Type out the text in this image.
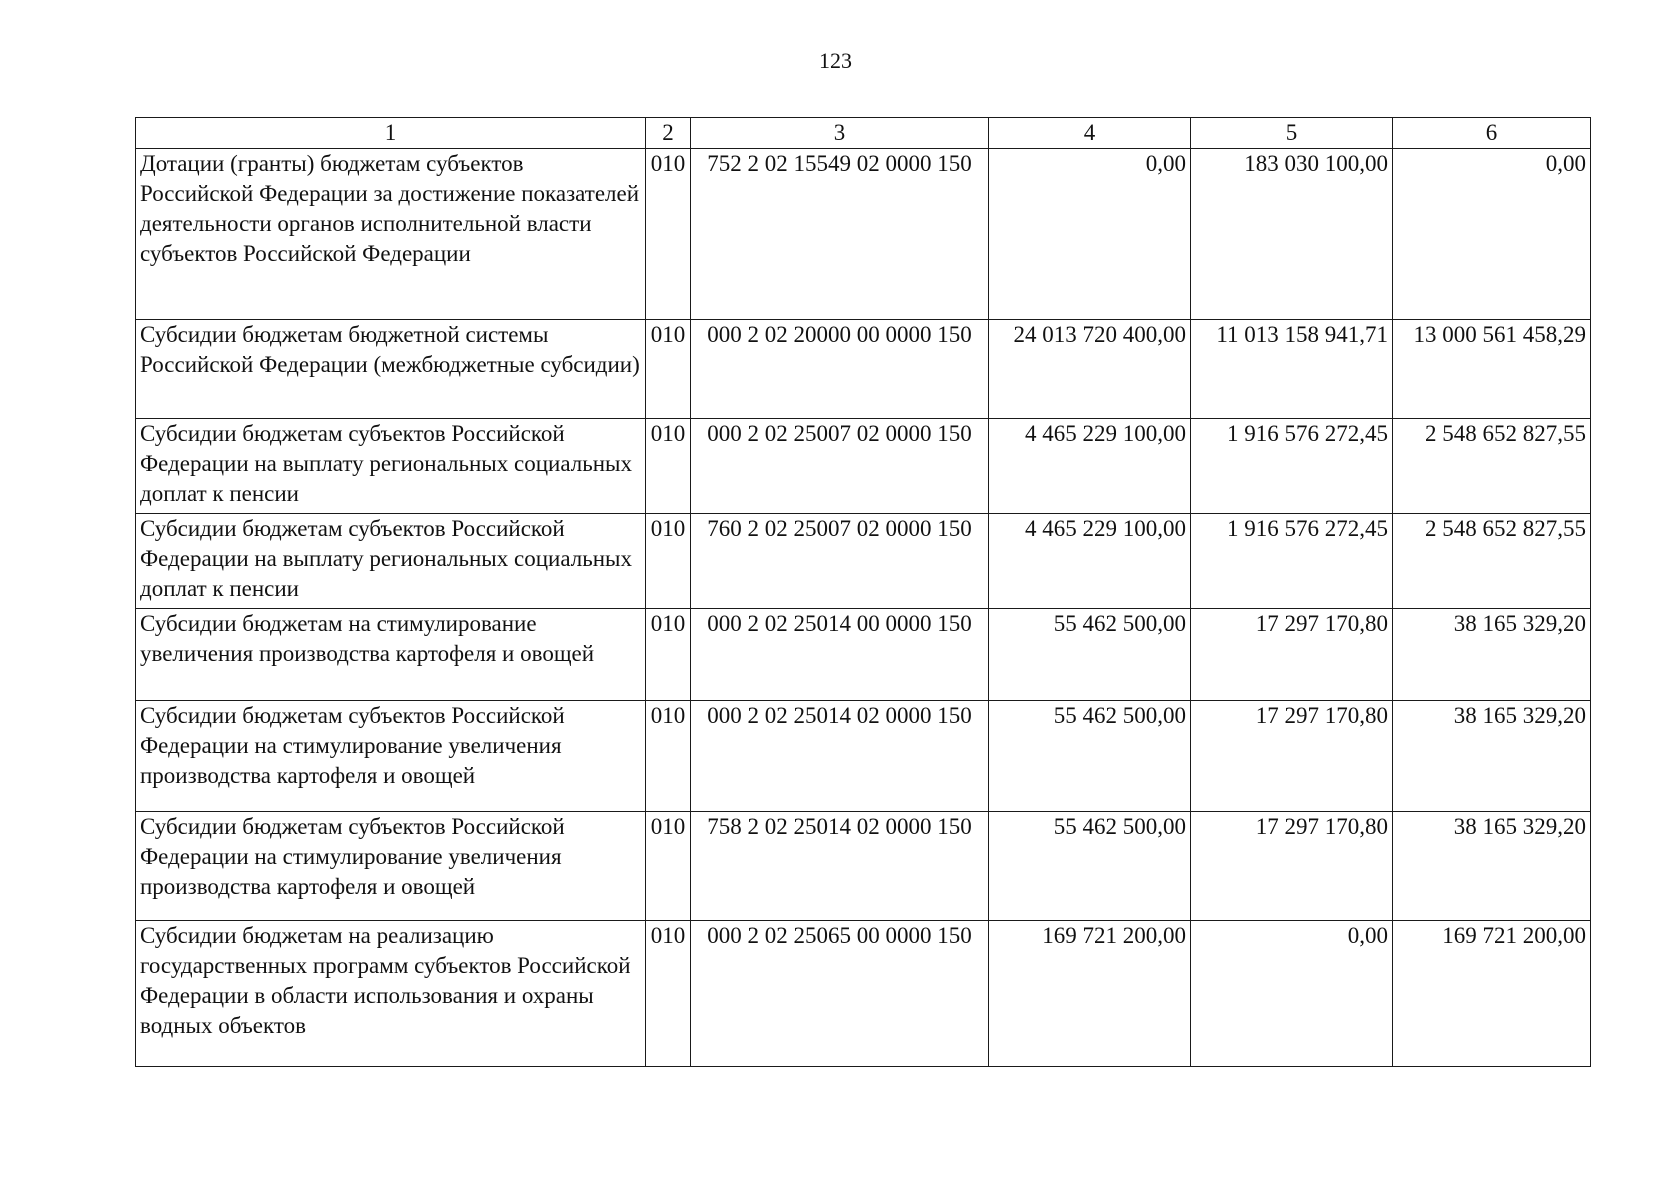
123
1	2	3	4	5	6
Дотации (гранты) бюджетам субъектов Российской Федерации за достижение показателей деятельности органов исполнительной власти субъектов Российской Федерации	010	752 2 02 15549 02 0000 150	0,00	183 030 100,00	0,00
Субсидии бюджетам бюджетной системы Российской Федерации (межбюджетные субсидии)	010	000 2 02 20000 00 0000 150	24 013 720 400,00	11 013 158 941,71	13 000 561 458,29
Субсидии бюджетам субъектов Российской Федерации на выплату региональных социальных доплат к пенсии	010	000 2 02 25007 02 0000 150	4 465 229 100,00	1 916 576 272,45	2 548 652 827,55
Субсидии бюджетам субъектов Российской Федерации на выплату региональных социальных доплат к пенсии	010	760 2 02 25007 02 0000 150	4 465 229 100,00	1 916 576 272,45	2 548 652 827,55
Субсидии бюджетам на стимулирование увеличения производства картофеля и овощей	010	000 2 02 25014 00 0000 150	55 462 500,00	17 297 170,80	38 165 329,20
Субсидии бюджетам субъектов Российской Федерации на стимулирование увеличения производства картофеля и овощей	010	000 2 02 25014 02 0000 150	55 462 500,00	17 297 170,80	38 165 329,20
Субсидии бюджетам субъектов Российской Федерации на стимулирование увеличения производства картофеля и овощей	010	758 2 02 25014 02 0000 150	55 462 500,00	17 297 170,80	38 165 329,20
Субсидии бюджетам на реализацию государственных программ субъектов Российской Федерации в области использования и охраны водных объектов	010	000 2 02 25065 00 0000 150	169 721 200,00	0,00	169 721 200,00
